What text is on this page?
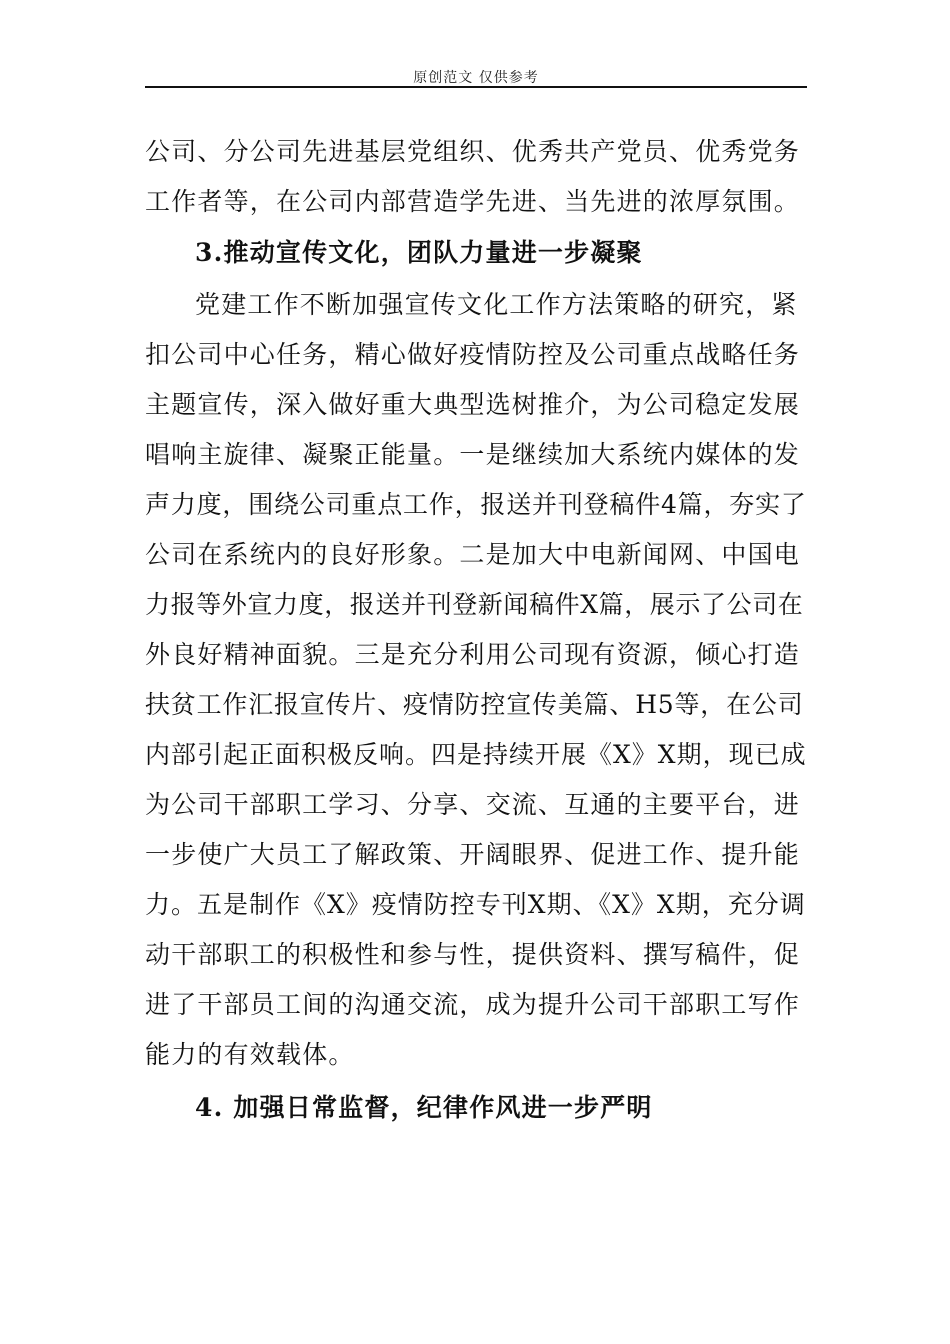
原创范文 仅供参考
公司、分公司先进基层党组织、优秀共产党员、优秀党务
工作者等，在公司内部营造学先进、当先进的浓厚氛围。
3.推动宣传文化，团队力量进一步凝聚
党建工作不断加强宣传文化工作方法策略的研究，紧
扣公司中心任务，精心做好疫情防控及公司重点战略任务
主题宣传，深入做好重大典型选树推介，为公司稳定发展
唱响主旋律、凝聚正能量。一是继续加大系统内媒体的发
声力度，围绕公司重点工作，报送并刊登稿件4篇，夯实了
公司在系统内的良好形象。二是加大中电新闻网、中国电
力报等外宣力度，报送并刊登新闻稿件X篇，展示了公司在
外良好精神面貌。三是充分利用公司现有资源，倾心打造
扶贫工作汇报宣传片、疫情防控宣传美篇、H5等，在公司
内部引起正面积极反响。四是持续开展《X》X期，现已成
为公司干部职工学习、分享、交流、互通的主要平台，进
一步使广大员工了解政策、开阔眼界、促进工作、提升能
力。五是制作《X》疫情防控专刊X期、《X》X期，充分调
动干部职工的积极性和参与性，提供资料、撰写稿件，促
进了干部员工间的沟通交流，成为提升公司干部职工写作
能力的有效载体。
4. 加强日常监督，纪律作风进一步严明
